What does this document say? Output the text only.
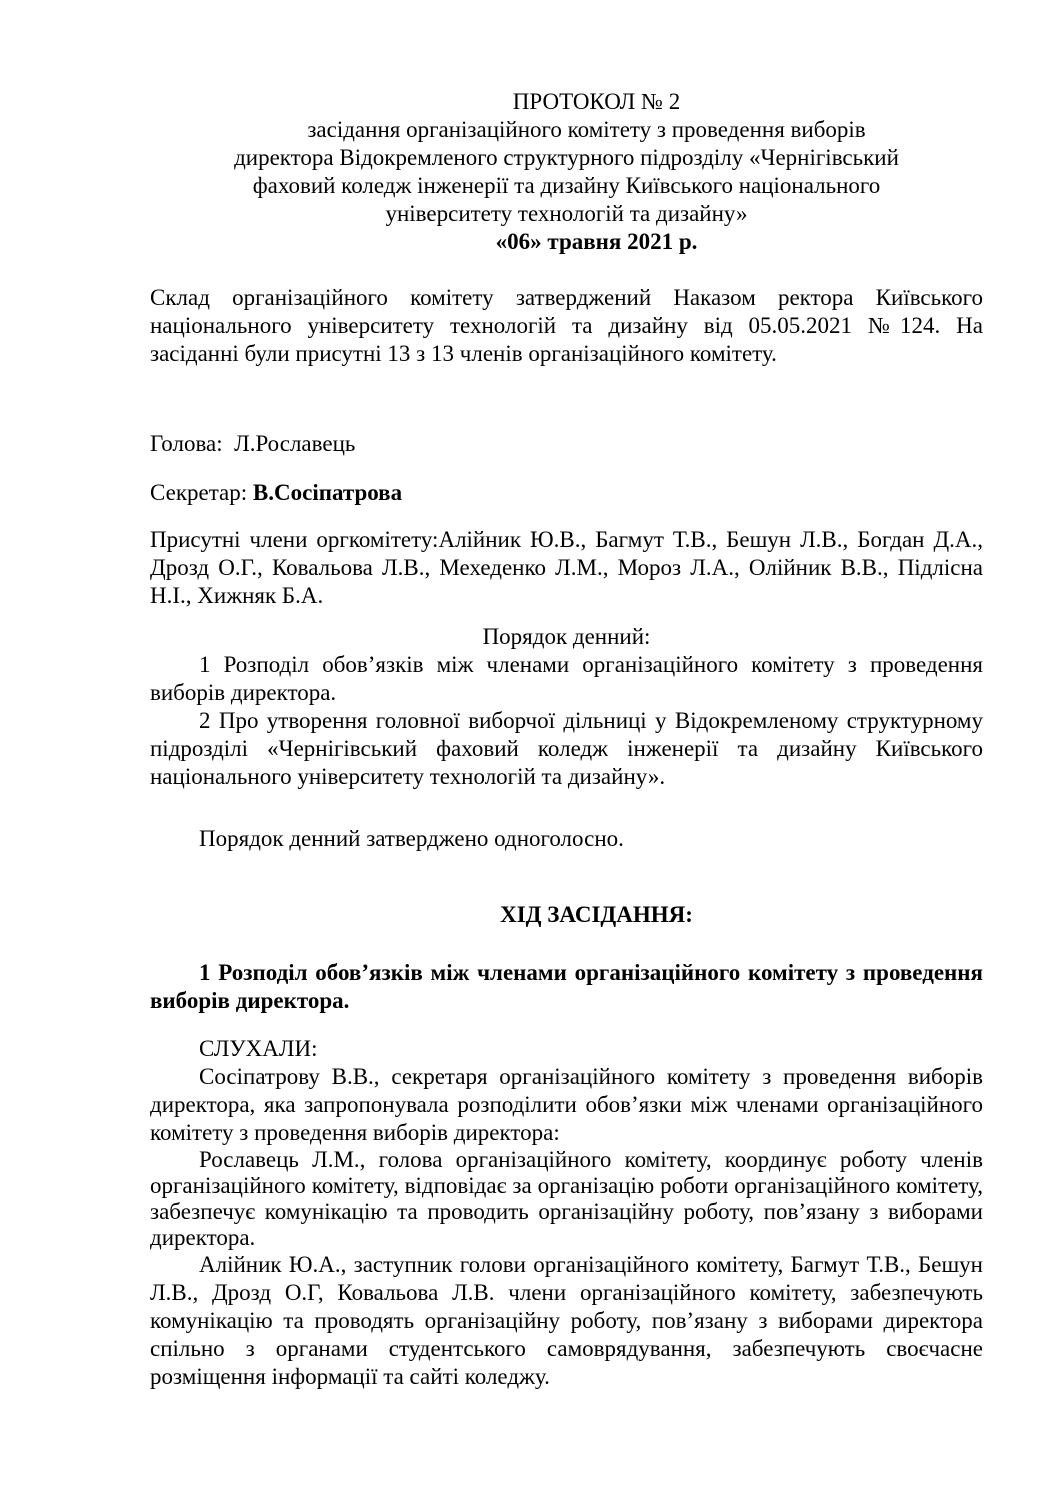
ПРОТОКОЛ № 2

засідання організаційного комітету з проведення виборів

директора Відокремленого структурного підрозділу «Чернігівський

фаховий коледж інженерії та дизайну Київського національного

університету технологій та дизайну»

«06» травня 2021 р.

Склад організаційного комітету затверджений Наказом ректора Київського національного університету технологій та дизайну від 05.05.2021 №124. На засіданні були присутні 13 з 13 членів організаційного комітету.

Голова: Л.Рославець

Секретар: В.Сосіпатрова

Присутні члени оргкомітету:Алійник Ю.В., Багмут Т.В., Бешун Л.В., Богдан Д.А., Дрозд О.Г., Ковальова Л.В., Мехеденко Л.М., Мороз Л.А., Олійник В.В., Підлісна Н.І., Хижняк Б.А.

Порядок денний:

1 Розподіл обов’язків між членами організаційного комітету з проведення виборів директора.

2 Про утворення головної виборчої дільниці у Відокремленому структурному підрозділі «Чернігівський фаховий коледж інженерії та дизайну Київського національного університету технологій та дизайну».

Порядок денний затверджено одноголосно.

ХІД ЗАСІДАННЯ:

1 Розподіл обов’язків між членами організаційного комітету з проведення виборів директора.

СЛУХАЛИ:

Сосіпатрову В.В., секретаря організаційного комітету з проведення виборів директора, яка запропонувала розподілити обов’язки між членами організаційного комітету з проведення виборів директора:

Рославець Л.М., голова організаційного комітету, координує роботу членів організаційного комітету, відповідає за організацію роботи організаційного комітету, забезпечує комунікацію та проводить організаційну роботу, пов’язану з виборами директора.

Алійник Ю.А., заступник голови організаційного комітету, Багмут Т.В., Бешун Л.В., Дрозд О.Г, Ковальова Л.В. члени організаційного комітету, забезпечують комунікацію та проводять організаційну роботу, пов’язану з виборами директора спільно з органами студентського самоврядування, забезпечують своєчасне розміщення інформації та сайті коледжу.
